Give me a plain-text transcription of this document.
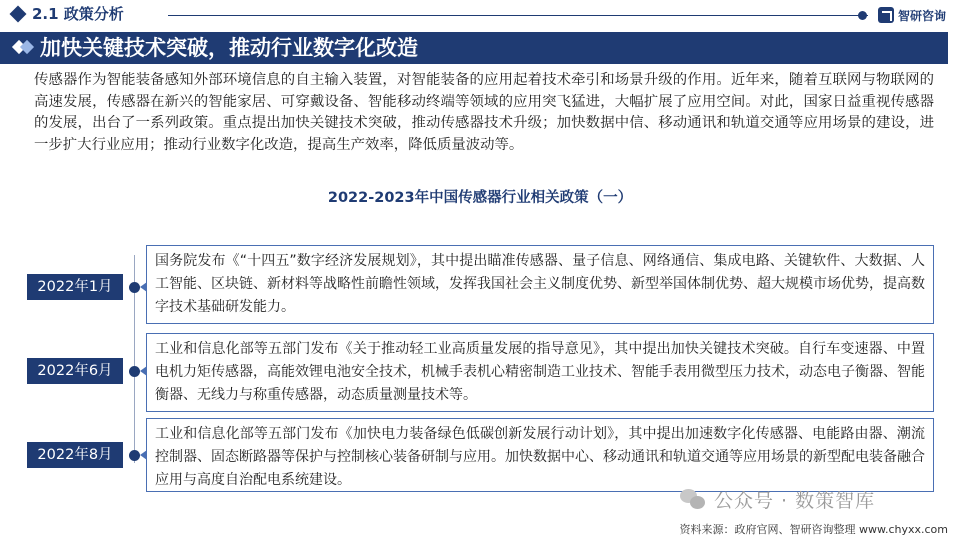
2.1 政策分析	智研咨询
加快关键技术突破，推动行业数字化改造

传感器作为智能装备感知外部环境信息的自主输入装置，对智能装备的应用起着技术牵引和场景升级的作用。近年来，随着互联网与物联网的高速发展，传感器在新兴的智能家居、可穿戴设备、智能移动终端等领域的应用突飞猛进，大幅扩展了应用空间。对此，国家日益重视传感器的发展，出台了一系列政策。重点提出加快关键技术突破，推动传感器技术升级；加快数据中信、移动通讯和轨道交通等应用场景的建设，进一步扩大行业应用；推动行业数字化改造，提高生产效率，降低质量波动等。

2022-2023年中国传感器行业相关政策（一）
2022年1月
国务院发布《“十四五”数字经济发展规划》，其中提出瞄准传感器、量子信息、网络通信、集成电路、关键软件、大数据、人工智能、区块链、新材料等战略性前瞻性领域，发挥我国社会主义制度优势、新型举国体制优势、超大规模市场优势，提高数字技术基础研发能力。
2022年6月
工业和信息化部等五部门发布《关于推动轻工业高质量发展的指导意见》，其中提出加快关键技术突破。自行车变速器、中置电机力矩传感器，高能效锂电池安全技术，机械手表机心精密制造工业技术、智能手表用微型压力技术，动态电子衡器、智能衡器、无线力与称重传感器，动态质量测量技术等。
2022年8月
工业和信息化部等五部门发布《加快电力装备绿色低碳创新发展行动计划》，其中提出加速数字化传感器、电能路由器、潮流控制器、固态断路器等保护与控制核心装备研制与应用。加快数据中心、移动通讯和轨道交通等应用场景的新型配电装备融合应用与高度自治配电系统建设。
公众号 · 数策智库
资料来源：政府官网、智研咨询整理 www.chyxx.com
